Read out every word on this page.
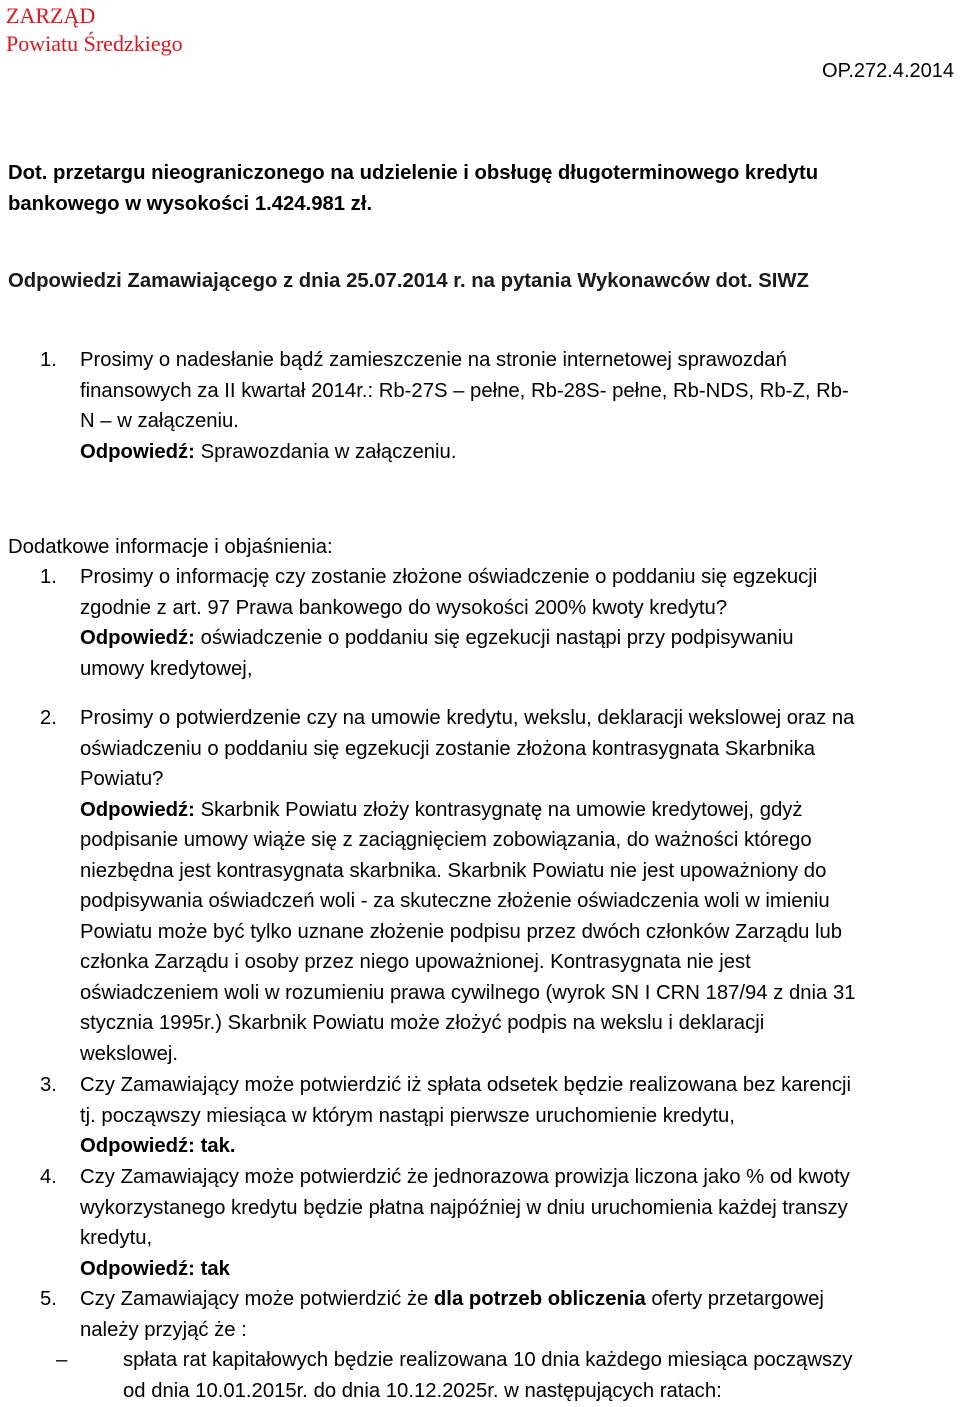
ZARZĄD
Powiatu Średzkiego
OP.272.4.2014
Dot. przetargu nieograniczonego na udzielenie i obsługę długoterminowego kredytu
bankowego w wysokości 1.424.981 zł.
Odpowiedzi Zamawiającego z dnia 25.07.2014 r. na pytania Wykonawców dot. SIWZ
1.	Prosimy o nadesłanie bądź zamieszczenie na stronie internetowej sprawozdań
finansowych za II kwartał 2014r.: Rb-27S – pełne, Rb-28S- pełne, Rb-NDS, Rb-Z, Rb-
N – w załączeniu.
Odpowiedź: Sprawozdania w załączeniu.
Dodatkowe informacje i objaśnienia:
1.	Prosimy o informację czy zostanie złożone oświadczenie o poddaniu się egzekucji
zgodnie z art. 97 Prawa bankowego do wysokości 200% kwoty kredytu?
Odpowiedź: oświadczenie o poddaniu się egzekucji nastąpi przy podpisywaniu
umowy kredytowej,
2.	Prosimy o potwierdzenie czy na umowie kredytu, wekslu, deklaracji wekslowej oraz na
oświadczeniu o poddaniu się egzekucji zostanie złożona kontrasygnata Skarbnika
Powiatu?
Odpowiedź: Skarbnik Powiatu złoży kontrasygnatę na umowie kredytowej, gdyż
podpisanie umowy wiąże się z zaciągnięciem zobowiązania, do ważności którego
niezbędna jest kontrasygnata skarbnika. Skarbnik Powiatu nie jest upoważniony do
podpisywania oświadczeń woli - za skuteczne złożenie oświadczenia woli w imieniu
Powiatu może być tylko uznane złożenie podpisu przez dwóch członków Zarządu lub
członka Zarządu i osoby przez niego upoważnionej. Kontrasygnata nie jest
oświadczeniem woli w rozumieniu prawa cywilnego (wyrok SN I CRN 187/94 z dnia 31
stycznia 1995r.) Skarbnik Powiatu może złożyć podpis na wekslu i deklaracji
wekslowej.
3.	Czy Zamawiający może potwierdzić iż spłata odsetek będzie realizowana bez karencji
tj. począwszy miesiąca w którym nastąpi pierwsze uruchomienie kredytu,
Odpowiedź: tak.
4.	Czy Zamawiający może potwierdzić że jednorazowa prowizja liczona jako % od kwoty
wykorzystanego kredytu będzie płatna najpóźniej w dniu uruchomienia każdej transzy
kredytu,
Odpowiedź: tak
5.	Czy Zamawiający może potwierdzić że dla potrzeb obliczenia oferty przetargowej
należy przyjąć że :
–	spłata rat kapitałowych będzie realizowana 10 dnia każdego miesiąca począwszy
od dnia 10.01.2015r. do dnia 10.12.2025r. w następujących ratach:
